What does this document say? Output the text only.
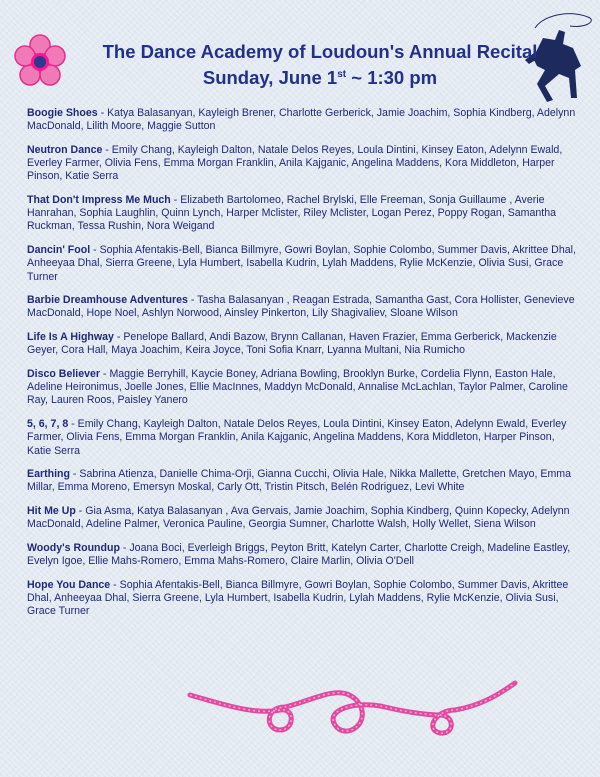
The Dance Academy of Loudoun's Annual Recital
Sunday, June 1st ~ 1:30 pm

Boogie Shoes - Katya Balasanyan, Kayleigh Brener, Charlotte Gerberick, Jamie Joachim, Sophia Kindberg, Adelynn MacDonald, Lilith Moore, Maggie Sutton

Neutron Dance - Emily Chang, Kayleigh Dalton, Natale Delos Reyes, Loula Dintini, Kinsey Eaton, Adelynn Ewald, Everley Farmer, Olivia Fens, Emma Morgan Franklin, Anila Kajganic, Angelina Maddens, Kora Middleton, Harper Pinson, Katie Serra

That Don't Impress Me Much - Elizabeth Bartolomeo, Rachel Brylski, Elle Freeman, Sonja Guillaume , Averie Hanrahan, Sophia Laughlin, Quinn Lynch, Harper Mclister, Riley Mclister, Logan Perez, Poppy Rogan, Samantha Ruckman, Tessa Rushin, Nora Weigand

Dancin' Fool - Sophia Afentakis-Bell, Bianca Billmyre, Gowri Boylan, Sophie Colombo, Summer Davis, Akrittee Dhal, Anheeyaa Dhal, Sierra Greene, Lyla Humbert, Isabella Kudrin, Lylah Maddens, Rylie McKenzie, Olivia Susi, Grace Turner

Barbie Dreamhouse Adventures - Tasha Balasanyan , Reagan Estrada, Samantha Gast, Cora Hollister, Genevieve MacDonald, Hope Noel, Ashlyn Norwood, Ainsley Pinkerton, Lily Shagivaliev, Sloane Wilson

Life Is A Highway - Penelope Ballard, Andi Bazow, Brynn Callanan, Haven Frazier, Emma Gerberick, Mackenzie Geyer, Cora Hall, Maya Joachim, Keira Joyce, Toni Sofia Knarr, Lyanna Multani, Nia Rumicho

Disco Believer - Maggie Berryhill, Kaycie Boney, Adriana Bowling, Brooklyn Burke, Cordelia Flynn, Easton Hale, Adeline Heironimus, Joelle Jones, Ellie MacInnes, Maddyn McDonald, Annalise McLachlan, Taylor Palmer, Caroline Ray, Lauren Roos, Paisley Yanero

5, 6, 7, 8 - Emily Chang, Kayleigh Dalton, Natale Delos Reyes, Loula Dintini, Kinsey Eaton, Adelynn Ewald, Everley Farmer, Olivia Fens, Emma Morgan Franklin, Anila Kajganic, Angelina Maddens, Kora Middleton, Harper Pinson, Katie Serra

Earthing - Sabrina Atienza, Danielle Chima-Orji, Gianna Cucchi, Olivia Hale, Nikka Mallette, Gretchen Mayo, Emma Millar, Emma Moreno, Emersyn Moskal, Carly Ott, Tristin Pitsch, Belén Rodriguez, Levi White

Hit Me Up - Gia Asma, Katya Balasanyan , Ava Gervais, Jamie Joachim, Sophia Kindberg, Quinn Kopecky, Adelynn MacDonald, Adeline Palmer, Veronica Pauline, Georgia Sumner, Charlotte Walsh, Holly Wellet, Siena Wilson

Woody's Roundup - Joana Boci, Everleigh Briggs, Peyton Britt, Katelyn Carter, Charlotte Creigh, Madeline Eastley, Evelyn Igoe, Ellie Mahs-Romero, Emma Mahs-Romero, Claire Marlin, Olivia O'Dell

Hope You Dance - Sophia Afentakis-Bell, Bianca Billmyre, Gowri Boylan, Sophie Colombo, Summer Davis, Akrittee Dhal, Anheeyaa Dhal, Sierra Greene, Lyla Humbert, Isabella Kudrin, Lylah Maddens, Rylie McKenzie, Olivia Susi, Grace Turner
